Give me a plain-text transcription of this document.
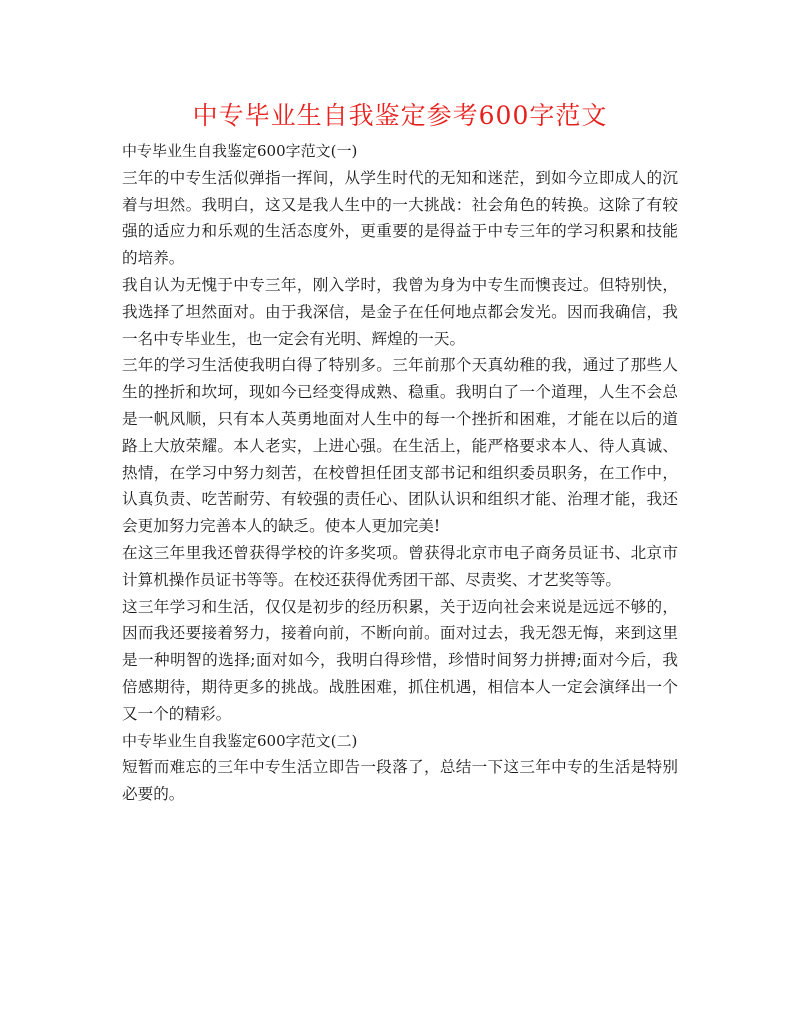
中专毕业生自我鉴定参考600字范文

中专毕业生自我鉴定600字范文(一)

三年的中专生活似弹指一挥间，从学生时代的无知和迷茫，到如今立即成人的沉着与坦然。我明白，这又是我人生中的一大挑战：社会角色的转换。这除了有较强的适应力和乐观的生活态度外，更重要的是得益于中专三年的学习积累和技能的培养。

我自认为无愧于中专三年，刚入学时，我曾为身为中专生而懊丧过。但特别快，我选择了坦然面对。由于我深信，是金子在任何地点都会发光。因而我确信，我一名中专毕业生，也一定会有光明、辉煌的一天。

三年的学习生活使我明白得了特别多。三年前那个天真幼稚的我，通过了那些人生的挫折和坎坷，现如今已经变得成熟、稳重。我明白了一个道理，人生不会总是一帆风顺，只有本人英勇地面对人生中的每一个挫折和困难，才能在以后的道路上大放荣耀。本人老实，上进心强。在生活上，能严格要求本人、待人真诚、热情，在学习中努力刻苦，在校曾担任团支部书记和组织委员职务，在工作中，认真负责、吃苦耐劳、有较强的责任心、团队认识和组织才能、治理才能，我还会更加努力完善本人的缺乏。使本人更加完美!

在这三年里我还曾获得学校的许多奖项。曾获得北京市电子商务员证书、北京市计算机操作员证书等等。在校还获得优秀团干部、尽责奖、才艺奖等等。

这三年学习和生活，仅仅是初步的经历积累，关于迈向社会来说是远远不够的，因而我还要接着努力，接着向前，不断向前。面对过去，我无怨无悔，来到这里是一种明智的选择;面对如今，我明白得珍惜，珍惜时间努力拼搏;面对今后，我倍感期待，期待更多的挑战。战胜困难，抓住机遇，相信本人一定会演绎出一个又一个的精彩。

中专毕业生自我鉴定600字范文(二)

短暂而难忘的三年中专生活立即告一段落了，总结一下这三年中专的生活是特别必要的。
